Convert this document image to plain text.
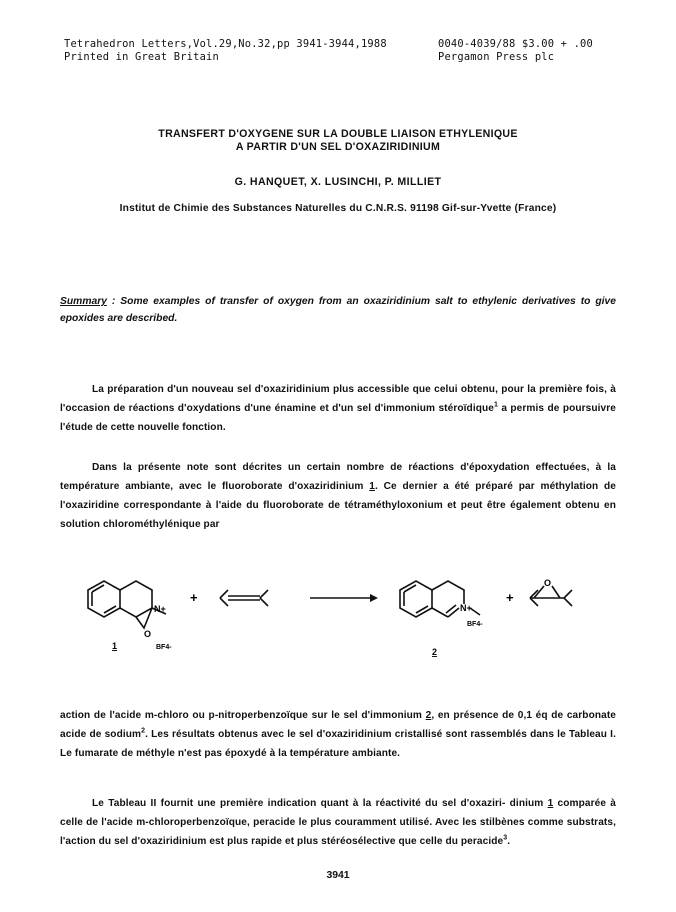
Tetrahedron Letters,Vol.29,No.32,pp 3941-3944,1988
Printed in Great Britain
0040-4039/88 $3.00 + .00
Pergamon Press plc
TRANSFERT D'OXYGENE SUR LA DOUBLE LIAISON ETHYLENIQUE
A PARTIR D'UN SEL D'OXAZIRIDINIUM
G. HANQUET, X. LUSINCHI, P. MILLIET
Institut de Chimie des Substances Naturelles du C.N.R.S. 91198 Gif-sur-Yvette (France)
Summary : Some examples of transfer of oxygen from an oxaziridinium salt to ethylenic derivatives to give epoxides are described.
La préparation d'un nouveau sel d'oxaziridinium plus accessible que celui obtenu, pour la première fois, à l'occasion de réactions d'oxydations d'une énamine et d'un sel d'immonium stéroïdique$^1$ a permis de poursuivre l'étude de cette nouvelle fonction.
Dans la présente note sont décrites un certain nombre de réactions d'époxydation effectuées, à la température ambiante, avec le fluoroborate d'oxaziridinium 1. Ce dernier a été préparé par méthylation de l'oxaziridine correspondante à l'aide du fluoroborate de tétraméthyloxonium et peut être également obtenu en solution chlorométhylénique par
N+
O
+
N+
BF4-
+
O
1	BF4-	2
action de l'acide m-chloro ou p-nitroperbenzoïque sur le sel d'immonium 2, en présence de 0,1 éq de carbonate acide de sodium$^2$. Les résultats obtenus avec le sel d'oxaziridinium cristallisé sont rassemblés dans le Tableau I. Le fumarate de méthyle n'est pas époxydé à la température ambiante.
Le Tableau II fournit une première indication quant à la réactivité du sel d'oxaziri- dinium 1 comparée à celle de l'acide m-chloroperbenzoïque, peracide le plus couramment utilisé. Avec les stilbènes comme substrats, l'action du sel d'oxaziridinium est plus rapide et plus stéréosélective que celle du peracide$^3$.
3941
